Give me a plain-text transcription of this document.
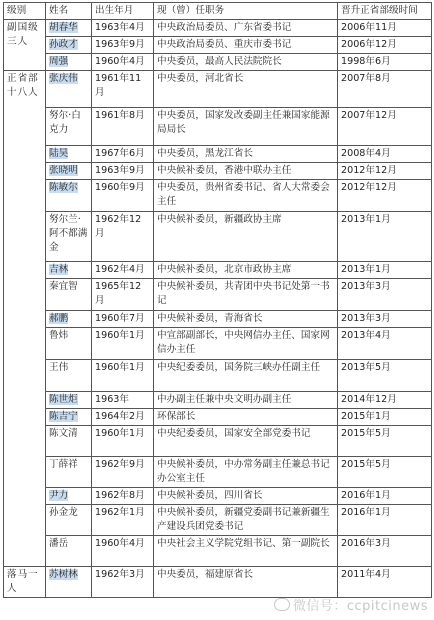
级别	姓名	出生年月	现（曾）任职务	晋升正省部级时间
副国级三人	胡春华	1963年4月	中央政治局委员、广东省委书记	2006年11月
	孙政才	1963年9月	中央政治局委员、重庆市委书记	2006年12月
	周强	1960年4月	中央委员，最高人民法院院长	1998年6月
正省部十八人	张庆伟	1961年11月	中央委员，河北省长	2007年8月
	努尔·白克力	1961年8月	中央委员，国家发改委副主任兼国家能源局局长	2007年12月
	陆昊	1967年6月	中央委员，黑龙江省长	2008年4月
	张晓明	1963年9月	中央候补委员，香港中联办主任	2012年12月
	陈敏尔	1960年9月	中央委员，贵州省委书记、省人大常委会主任	2012年12月
	努尔兰·阿不都满金	1962年12月	中央候补委员，新疆政协主席	2013年1月
	吉林	1962年4月	中央候补委员，北京市政协主席	2013年1月
	秦宜智	1965年12月	中央候补委员，共青团中央书记处第一书记	2013年3月
	郝鹏	1960年7月	中央候补委员，青海省长	2013年3月
	鲁炜	1960年1月	中宣部副部长，中央网信办主任、国家网信办主任	2013年4月
	王伟	1960年1月	中央纪委委员，国务院三峡办任副主任	2013年5月
	陈世炬	1963年	中办副主任兼中央文明办副主任	2014年12月
	陈吉宁	1964年2月	环保部长	2015年1月
	陈文清	1960年1月	中央纪委委员，国家安全部党委书记	2015年5月
	丁薛祥	1962年9月	中央候补委员，中办常务副主任兼总书记办公室主任	2015年5月
	尹力	1962年8月	中央候补委员，四川省长	2016年1月
	孙金龙	1962年1月	中央候补委员，新疆党委副书记兼新疆生产建设兵团党委书记	2016年1月
	潘岳	1960年4月	中央社会主义学院党组书记、第一副院长	2016年3月
落马一人	苏树林	1962年3月	中央委员，福建原省长	2011年4月
微信号：ccpitcinews
